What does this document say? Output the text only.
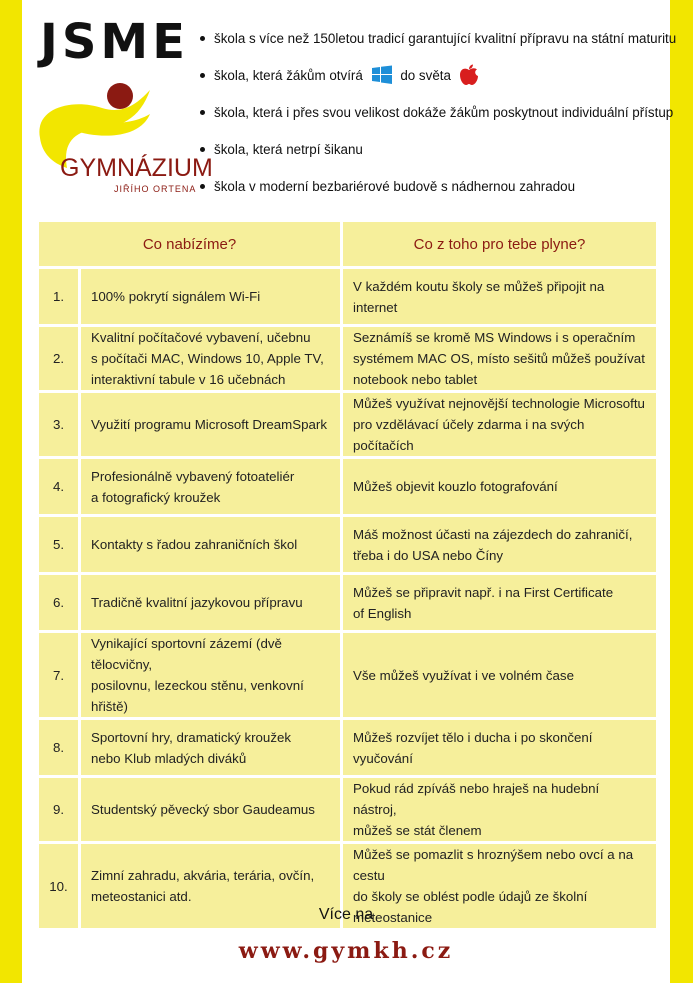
JSME
GYMNÁZIUM
JIŘÍHO ORTENA
škola s více než 150letou tradicí garantující kvalitní přípravu na státní maturitu
škola, která žákům otvírá	do světa
škola, která i přes svou velikost dokáže žákům poskytnout individuální přístup
škola, která netrpí šikanu
škola v moderní bezbariérové budově s nádhernou zahradou
Co nabízíme?		Co z toho pro tebe plyne?
1.	100% pokrytí signálem Wi-Fi	V každém koutu školy se můžeš připojit na internet
2.	Kvalitní počítačové vybavení, učebnu
s počítači MAC, Windows 10, Apple TV,
interaktivní tabule v 16 učebnách	Seznámíš se kromě MS Windows i s operačním
systémem MAC OS, místo sešitů můžeš používat
notebook nebo tablet
3.	Využití programu Microsoft DreamSpark	Můžeš využívat nejnovější technologie Microsoftu
pro vzdělávací účely zdarma i na svých počítačích
4.	Profesionálně vybavený fotoateliér
a fotografický kroužek	Můžeš objevit kouzlo fotografování
5.	Kontakty s řadou zahraničních škol	Máš možnost účasti na zájezdech do zahraničí,
třeba i do USA nebo Číny
6.	Tradičně kvalitní jazykovou přípravu	Můžeš se připravit např. i na First Certificate
of English
7.	Vynikající sportovní zázemí (dvě tělocvičny,
posilovnu, lezeckou stěnu, venkovní hřiště)	Vše můžeš využívat i ve volném čase
8.	Sportovní hry, dramatický kroužek
nebo Klub mladých diváků	Můžeš rozvíjet tělo i ducha i po skončení vyučování
9.	Studentský pěvecký sbor Gaudeamus	Pokud rád zpíváš nebo hraješ na hudební nástroj,
můžeš se stát členem
10.	Zimní zahradu, akvária, terária, ovčín,
meteostanici atd.	Můžeš se pomazlit s hroznýšem nebo ovcí a na cestu
do školy se oblést podle údajů ze školní meteostanice
Více na
www.gymkh.cz
